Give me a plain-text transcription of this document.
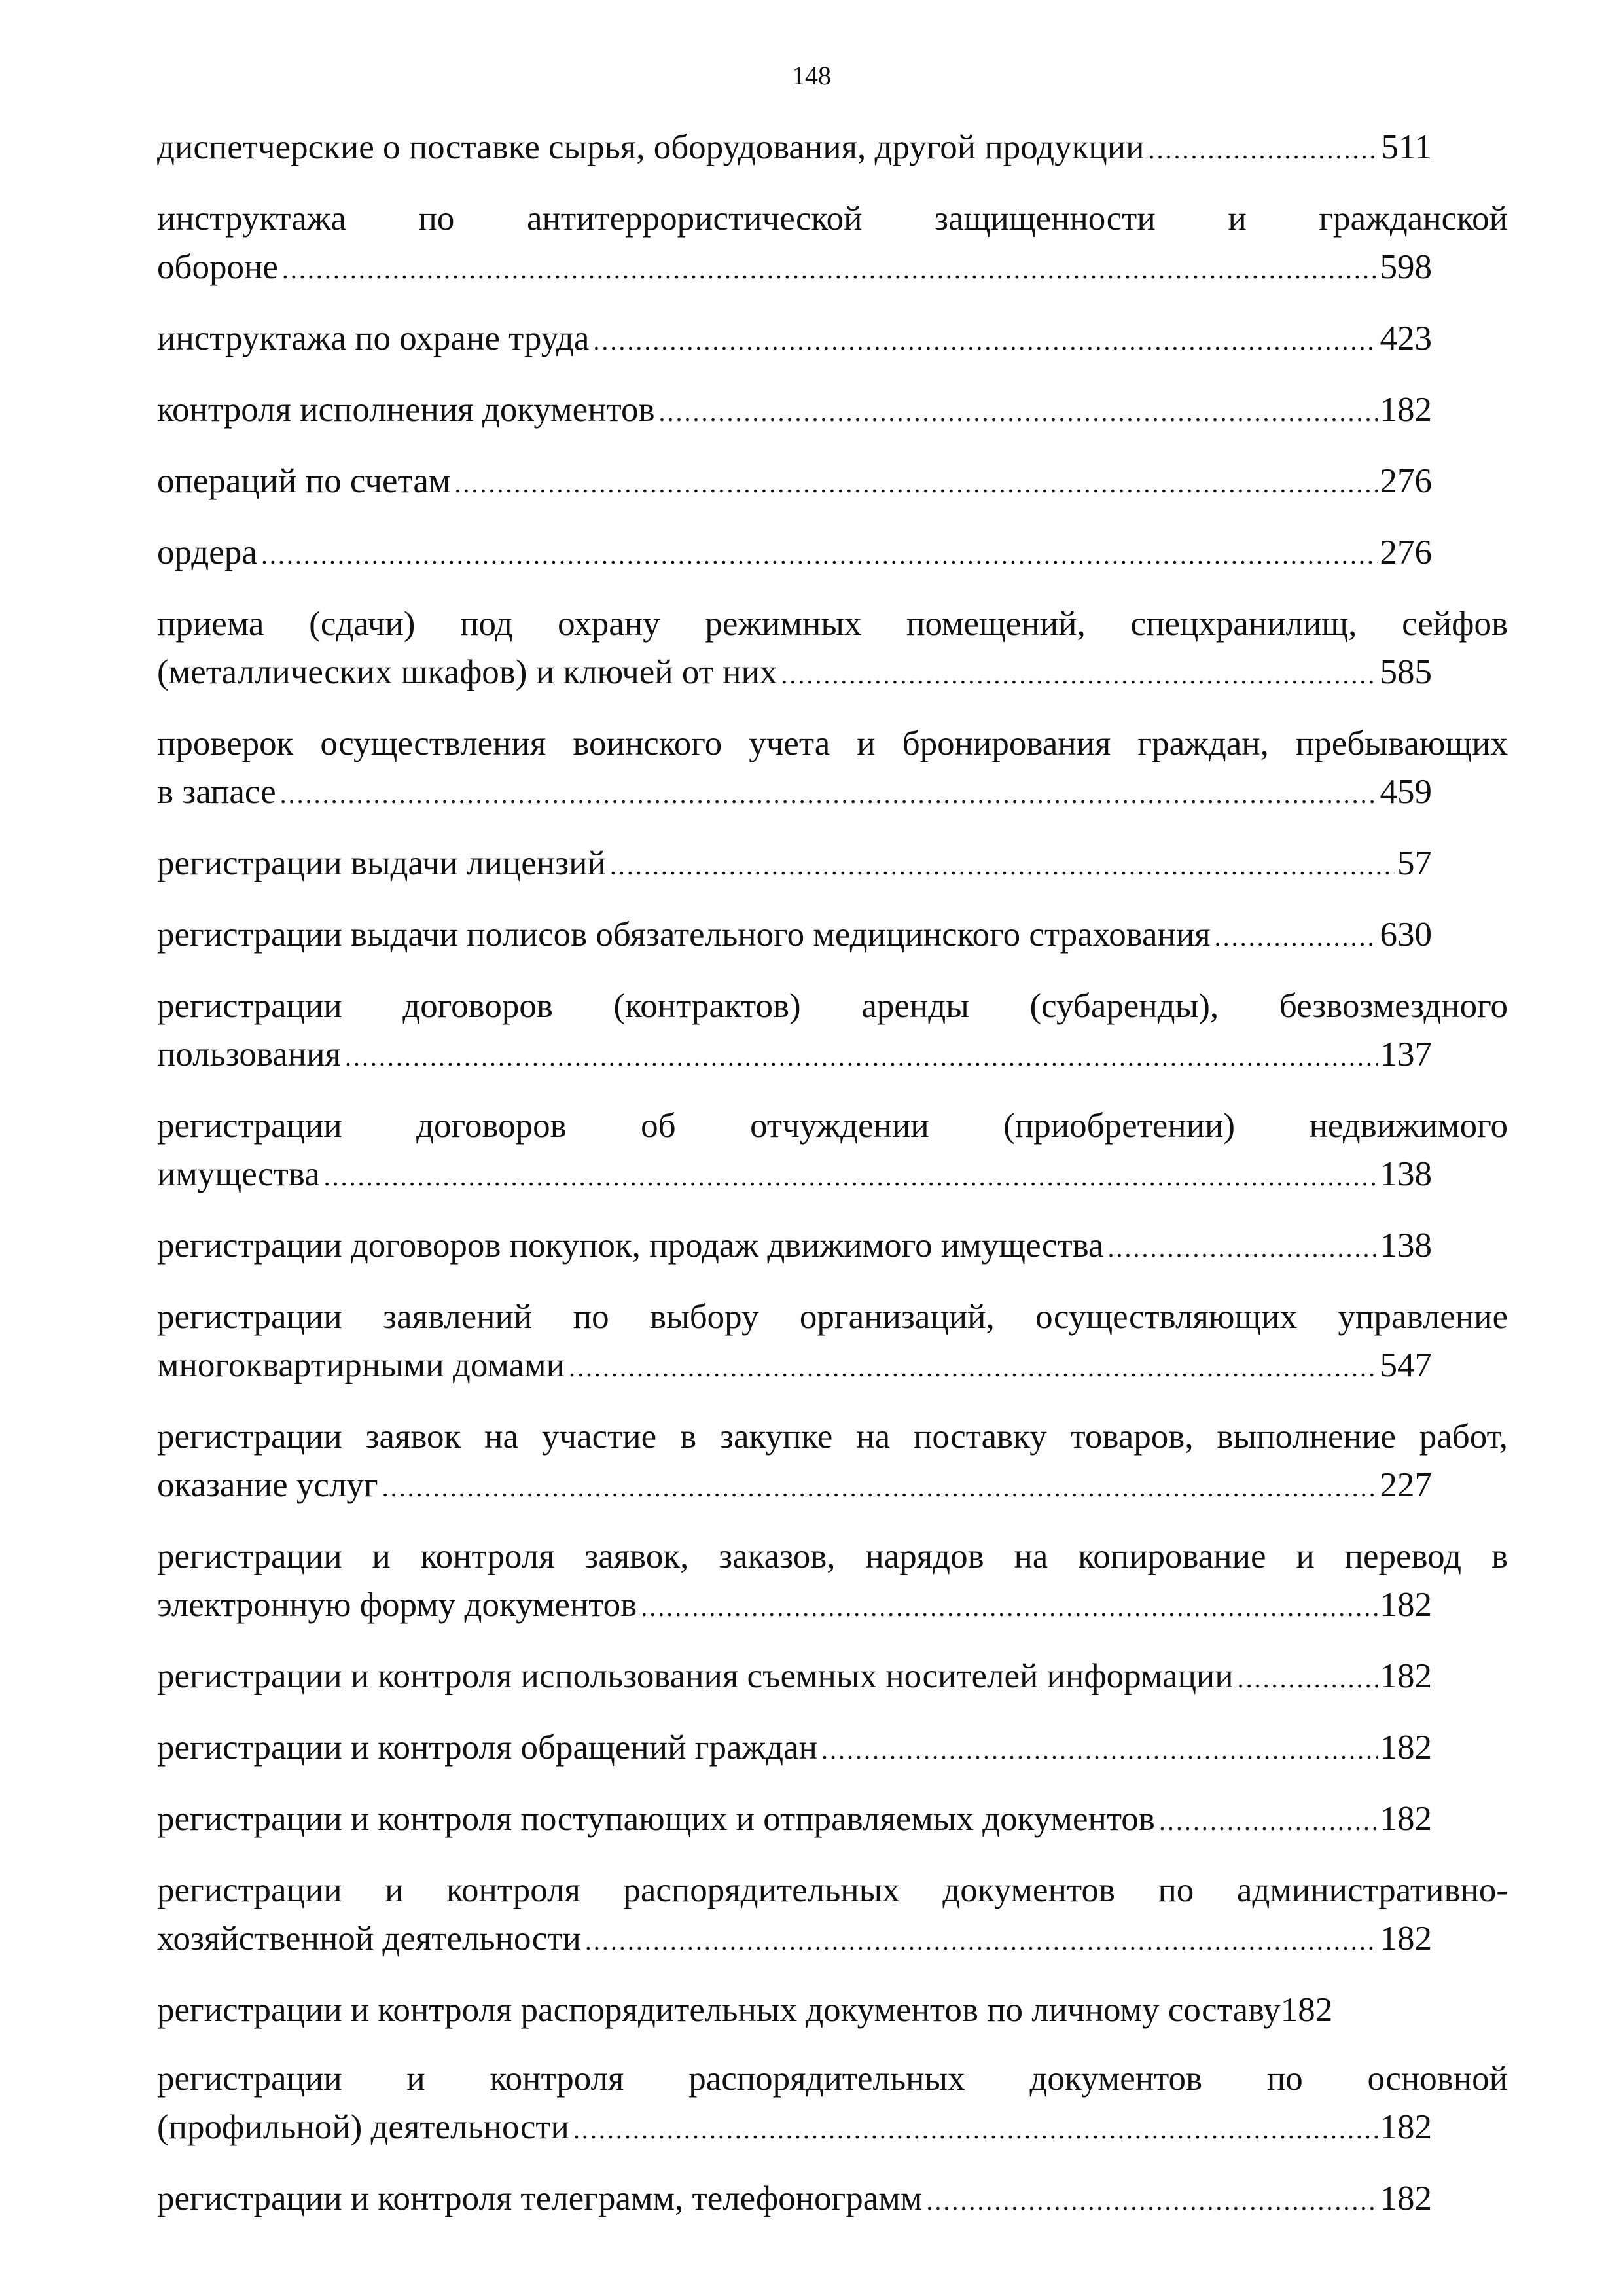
148
диспетчерские о поставке сырья, оборудования, другой продукции .....	511
инструктажа по антитеррористической защищенности и гражданской
обороне .....	598
инструктажа по охране труда .....	423
контроля исполнения документов .....	182
операций по счетам .....	276
ордера .....	276
приема (сдачи) под охрану режимных помещений, спецхранилищ, сейфов
(металлических шкафов) и ключей от них .....	585
проверок осуществления воинского учета и бронирования граждан, пребывающих
в запасе .....	459
регистрации выдачи лицензий .....	57
регистрации выдачи полисов обязательного медицинского страхования .....	630
регистрации договоров (контрактов) аренды (субаренды), безвозмездного
пользования .....	137
регистрации договоров об отчуждении (приобретении) недвижимого
имущества .....	138
регистрации договоров покупок, продаж движимого имущества .....	138
регистрации заявлений по выбору организаций, осуществляющих управление
многоквартирными домами .....	547
регистрации заявок на участие в закупке на поставку товаров, выполнение работ,
оказание услуг .....	227
регистрации и контроля заявок, заказов, нарядов на копирование и перевод в
электронную форму документов .....	182
регистрации и контроля использования съемных носителей информации .....	182
регистрации и контроля обращений граждан .....	182
регистрации и контроля поступающих и отправляемых документов .....	182
регистрации и контроля распорядительных документов по административно-
хозяйственной деятельности .....	182
регистрации и контроля распорядительных документов по личному составу 182
регистрации и контроля распорядительных документов по основной
(профильной) деятельности .....	182
регистрации и контроля телеграмм, телефонограмм .....	182
